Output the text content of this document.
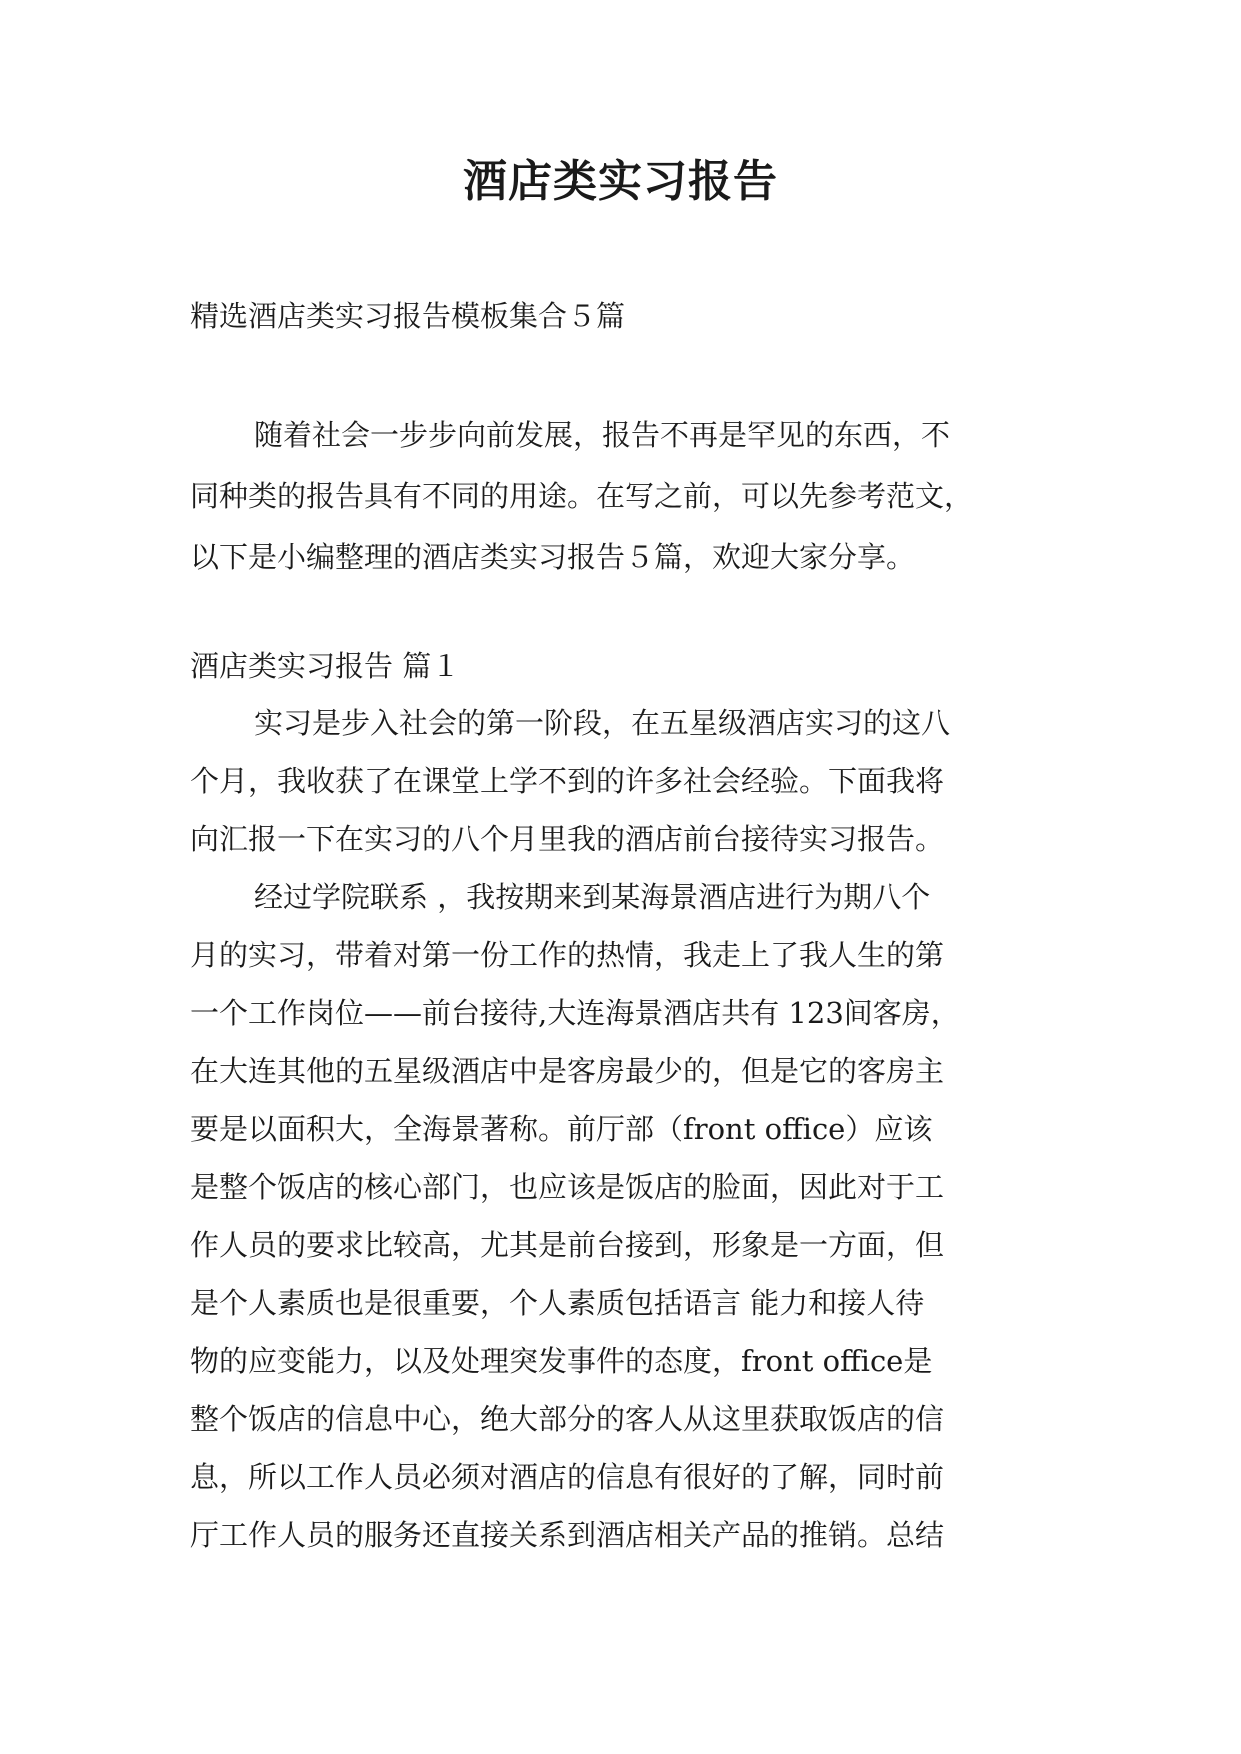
酒店类实习报告
精选酒店类实习报告模板集合５篇
随着社会一步步向前发展，报告不再是罕见的东西，不
同种类的报告具有不同的用途。在写之前，可以先参考范文，
以下是小编整理的酒店类实习报告５篇，欢迎大家分享。
酒店类实习报告 篇１
实习是步入社会的第一阶段，在五星级酒店实习的这八
个月，我收获了在课堂上学不到的许多社会经验。下面我将
向汇报一下在实习的八个月里我的酒店前台接待实习报告。
经过学院联系 ，我按期来到某海景酒店进行为期八个
月的实习，带着对第一份工作的热情，我走上了我人生的第
一个工作岗位——前台接待,大连海景酒店共有 123间客房，
在大连其他的五星级酒店中是客房最少的，但是它的客房主
要是以面积大，全海景著称。前厅部（front office）应该
是整个饭店的核心部门，也应该是饭店的脸面，因此对于工
作人员的要求比较高，尤其是前台接到，形象是一方面，但
是个人素质也是很重要，个人素质包括语言 能力和接人待
物的应变能力，以及处理突发事件的态度，front office是
整个饭店的信息中心，绝大部分的客人从这里获取饭店的信
息，所以工作人员必须对酒店的信息有很好的了解，同时前
厅工作人员的服务还直接关系到酒店相关产品的推销。总结
